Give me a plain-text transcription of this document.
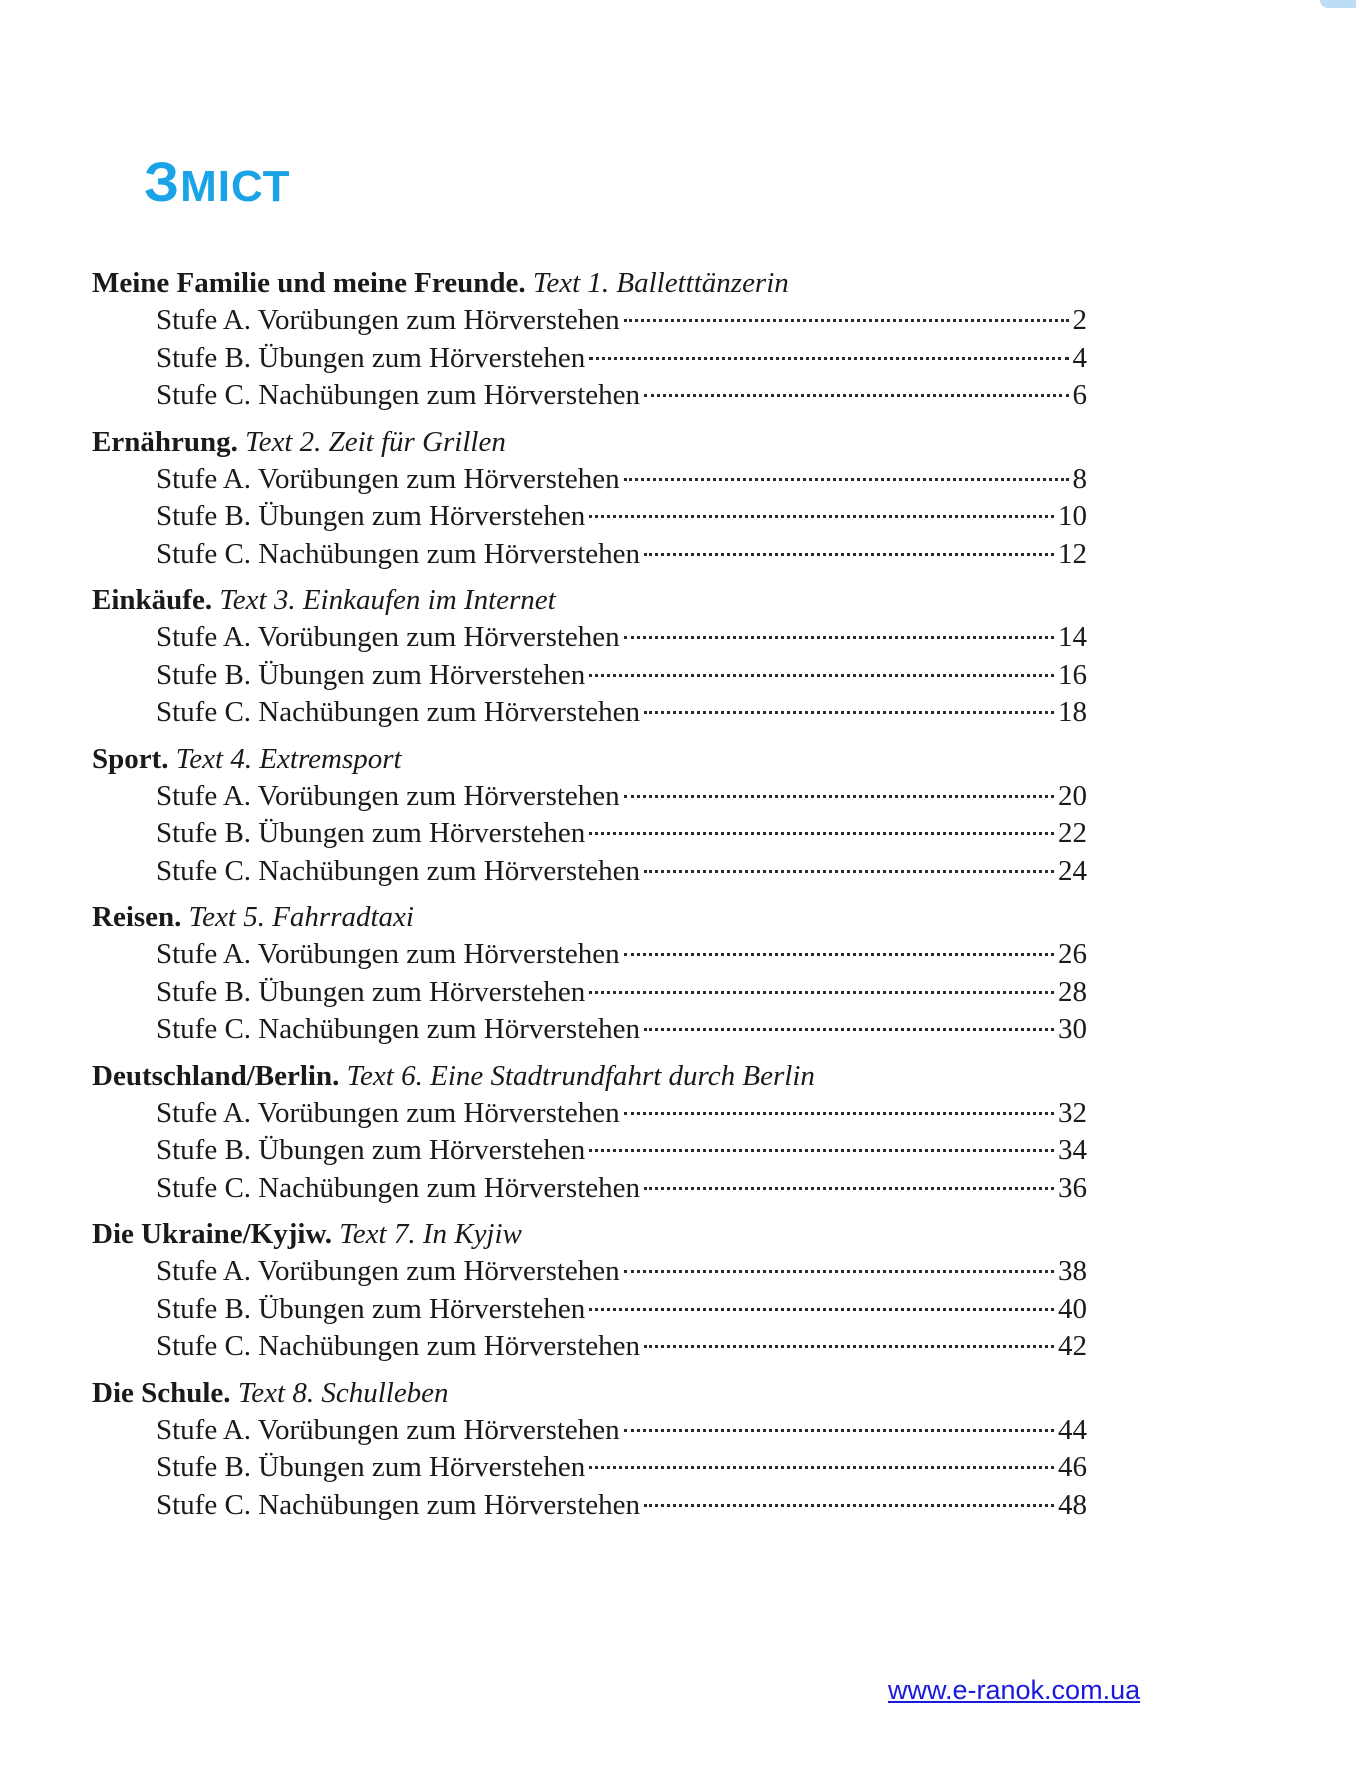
ЗМІСТ
Meine Familie und meine Freunde. Text 1. Balletttänzerin
Stufe A. Vorübungen zum Hörverstehen	2
Stufe B. Übungen zum Hörverstehen	4
Stufe C. Nachübungen zum Hörverstehen	6
Ernährung. Text 2. Zeit für Grillen
Stufe A. Vorübungen zum Hörverstehen	8
Stufe B. Übungen zum Hörverstehen	10
Stufe C. Nachübungen zum Hörverstehen	12
Einkäufe. Text 3. Einkaufen im Internet
Stufe A. Vorübungen zum Hörverstehen	14
Stufe B. Übungen zum Hörverstehen	16
Stufe C. Nachübungen zum Hörverstehen	18
Sport. Text 4. Extremsport
Stufe A. Vorübungen zum Hörverstehen	20
Stufe B. Übungen zum Hörverstehen	22
Stufe C. Nachübungen zum Hörverstehen	24
Reisen. Text 5. Fahrradtaxi
Stufe A. Vorübungen zum Hörverstehen	26
Stufe B. Übungen zum Hörverstehen	28
Stufe C. Nachübungen zum Hörverstehen	30
Deutschland/Berlin. Text 6. Eine Stadtrundfahrt durch Berlin
Stufe A. Vorübungen zum Hörverstehen	32
Stufe B. Übungen zum Hörverstehen	34
Stufe C. Nachübungen zum Hörverstehen	36
Die Ukraine/Kyjiw. Text 7. In Kyjiw
Stufe A. Vorübungen zum Hörverstehen	38
Stufe B. Übungen zum Hörverstehen	40
Stufe C. Nachübungen zum Hörverstehen	42
Die Schule. Text 8. Schulleben
Stufe A. Vorübungen zum Hörverstehen	44
Stufe B. Übungen zum Hörverstehen	46
Stufe C. Nachübungen zum Hörverstehen	48
www.e-ranok.com.ua
